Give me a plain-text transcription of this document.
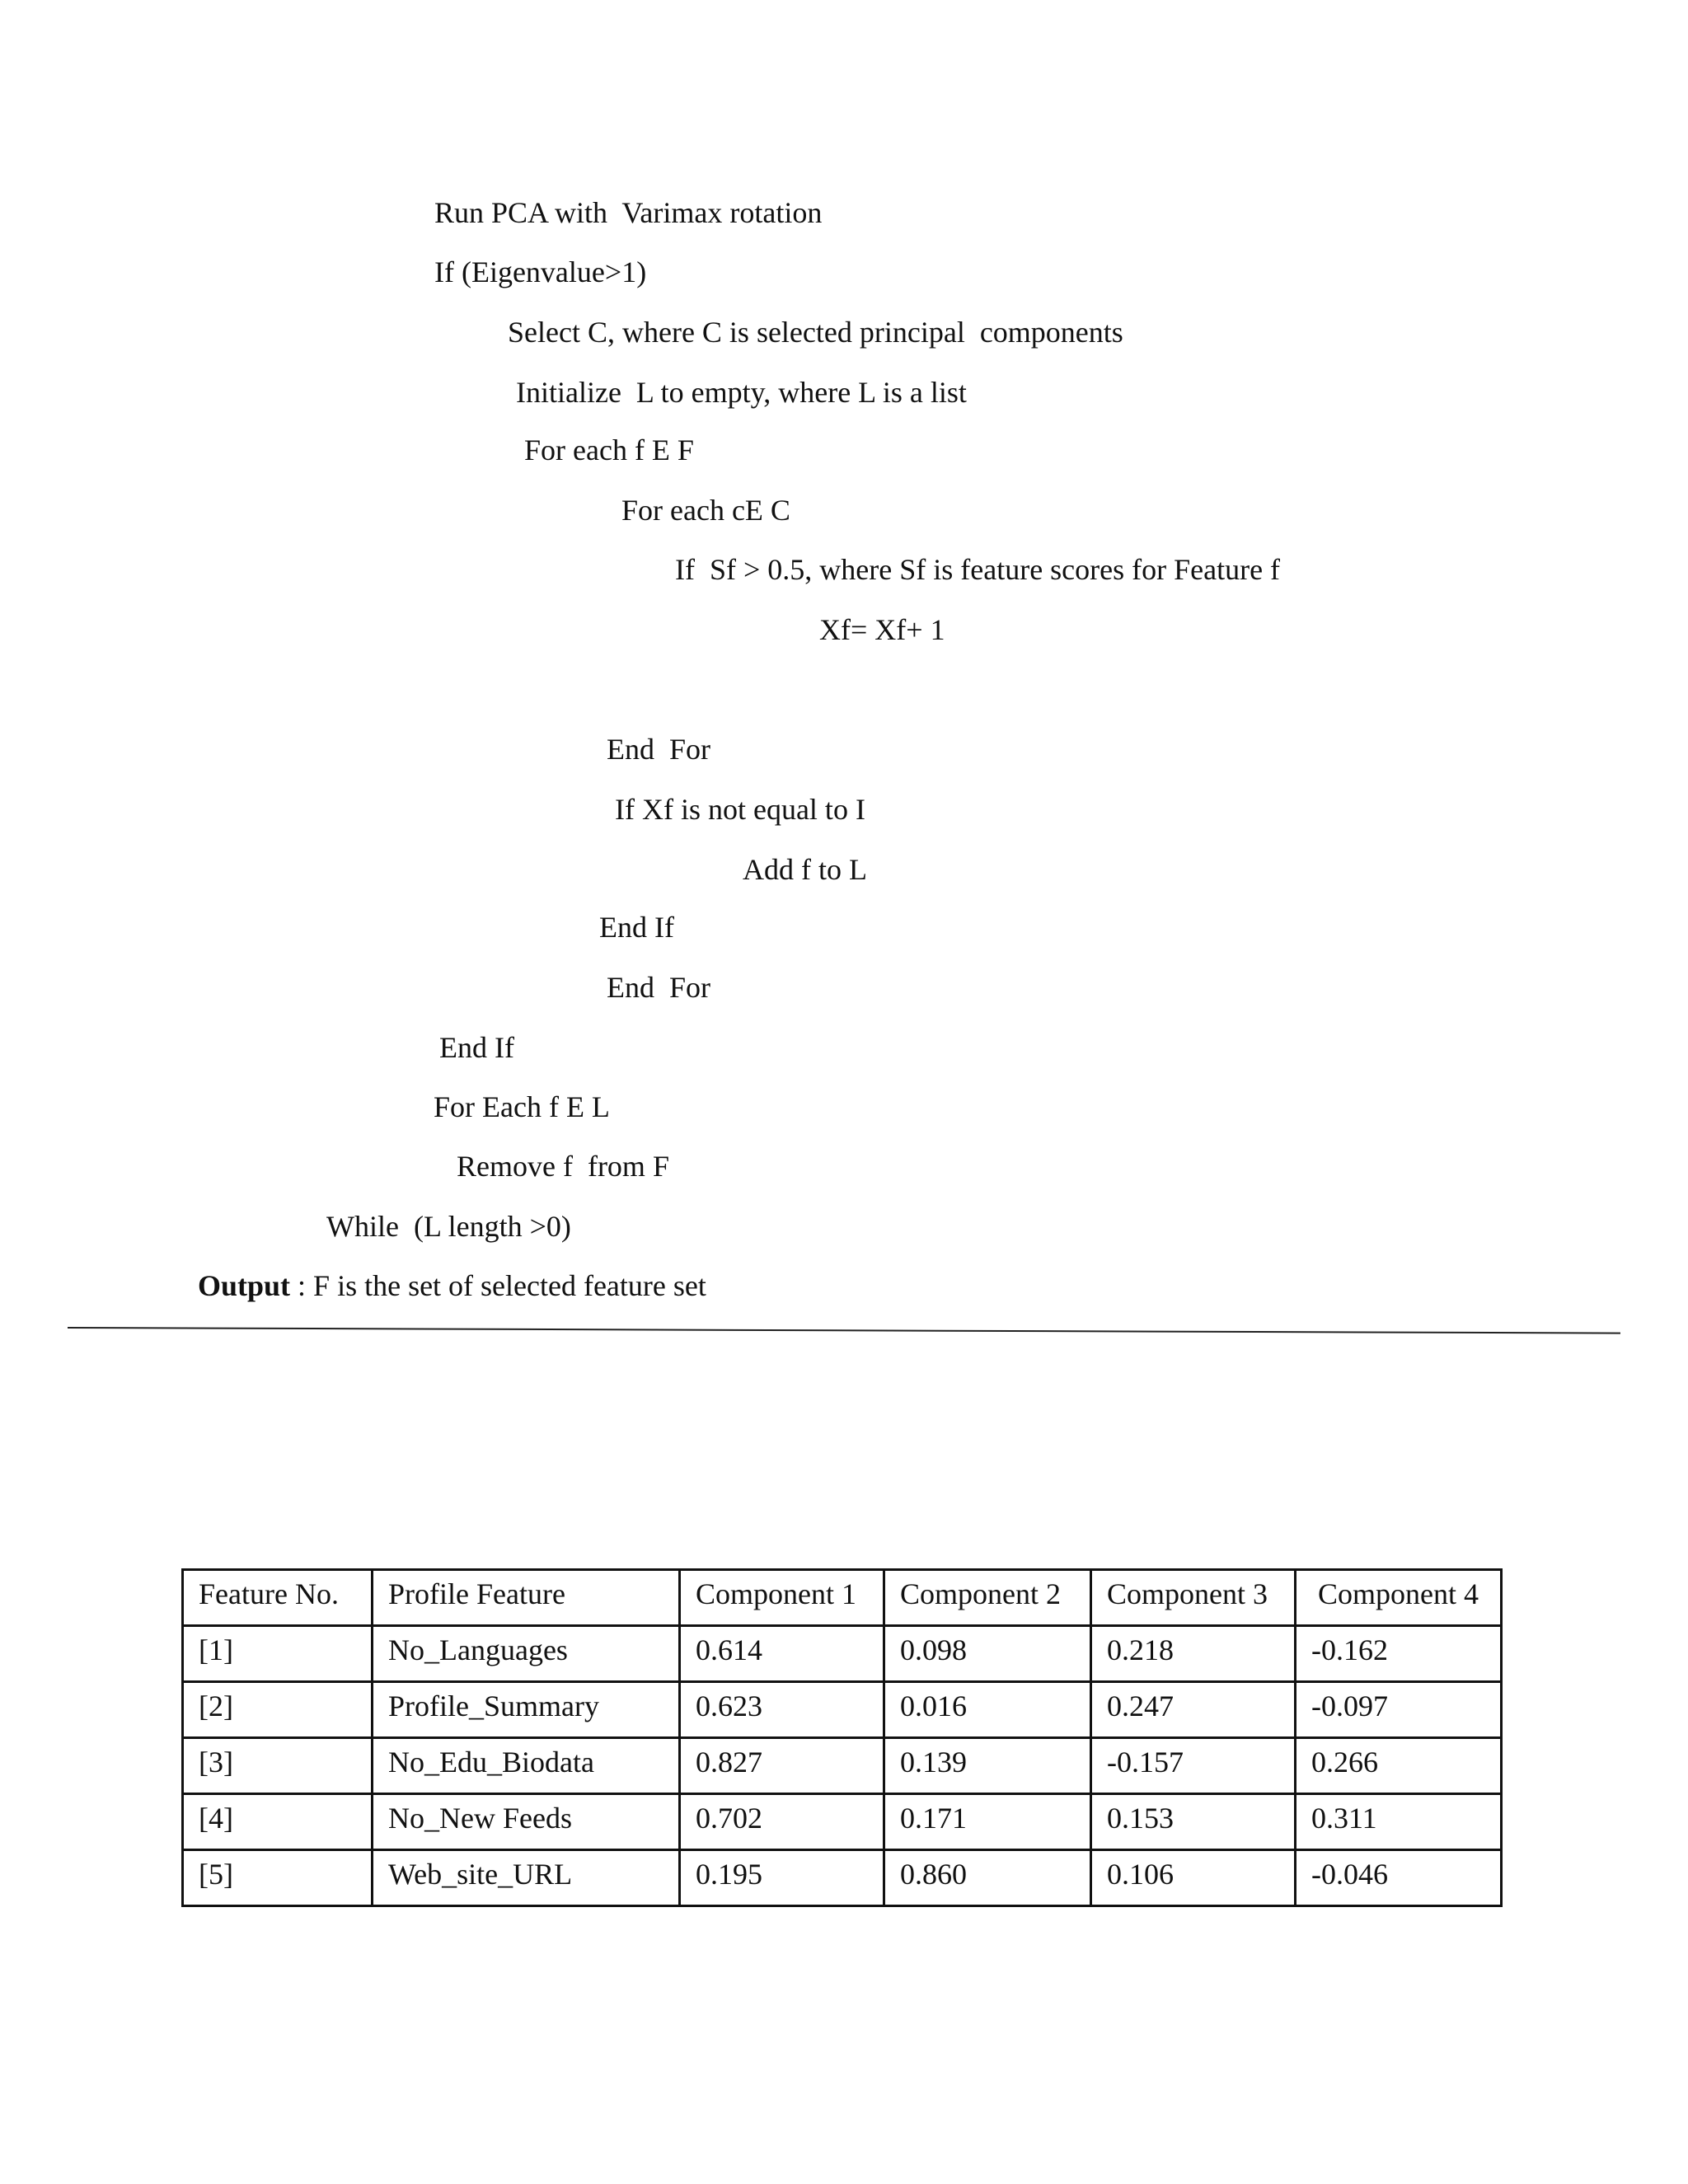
Run PCA with  Varimax rotation
If (Eigenvalue>1)
Select C, where C is selected principal  components
Initialize  L to empty, where L is a list
For each f E F
For each cE C
If  Sf > 0.5, where Sf is feature scores for Feature f
Xf= Xf+ 1
End  For
If Xf is not equal to I
Add f to L
End If
End  For
End If
For Each f E L
Remove f  from F
While  (L length >0)
Output : F is the set of selected feature set
Feature No.	Profile Feature	Component 1	Component 2	Component 3	Component 4
[1]	No_Languages	0.614	0.098	0.218	-0.162
[2]	Profile_Summary	0.623	0.016	0.247	-0.097
[3]	No_Edu_Biodata	0.827	0.139	-0.157	0.266
[4]	No_New Feeds	0.702	0.171	0.153	0.311
[5]	Web_site_URL	0.195	0.860	0.106	-0.046
